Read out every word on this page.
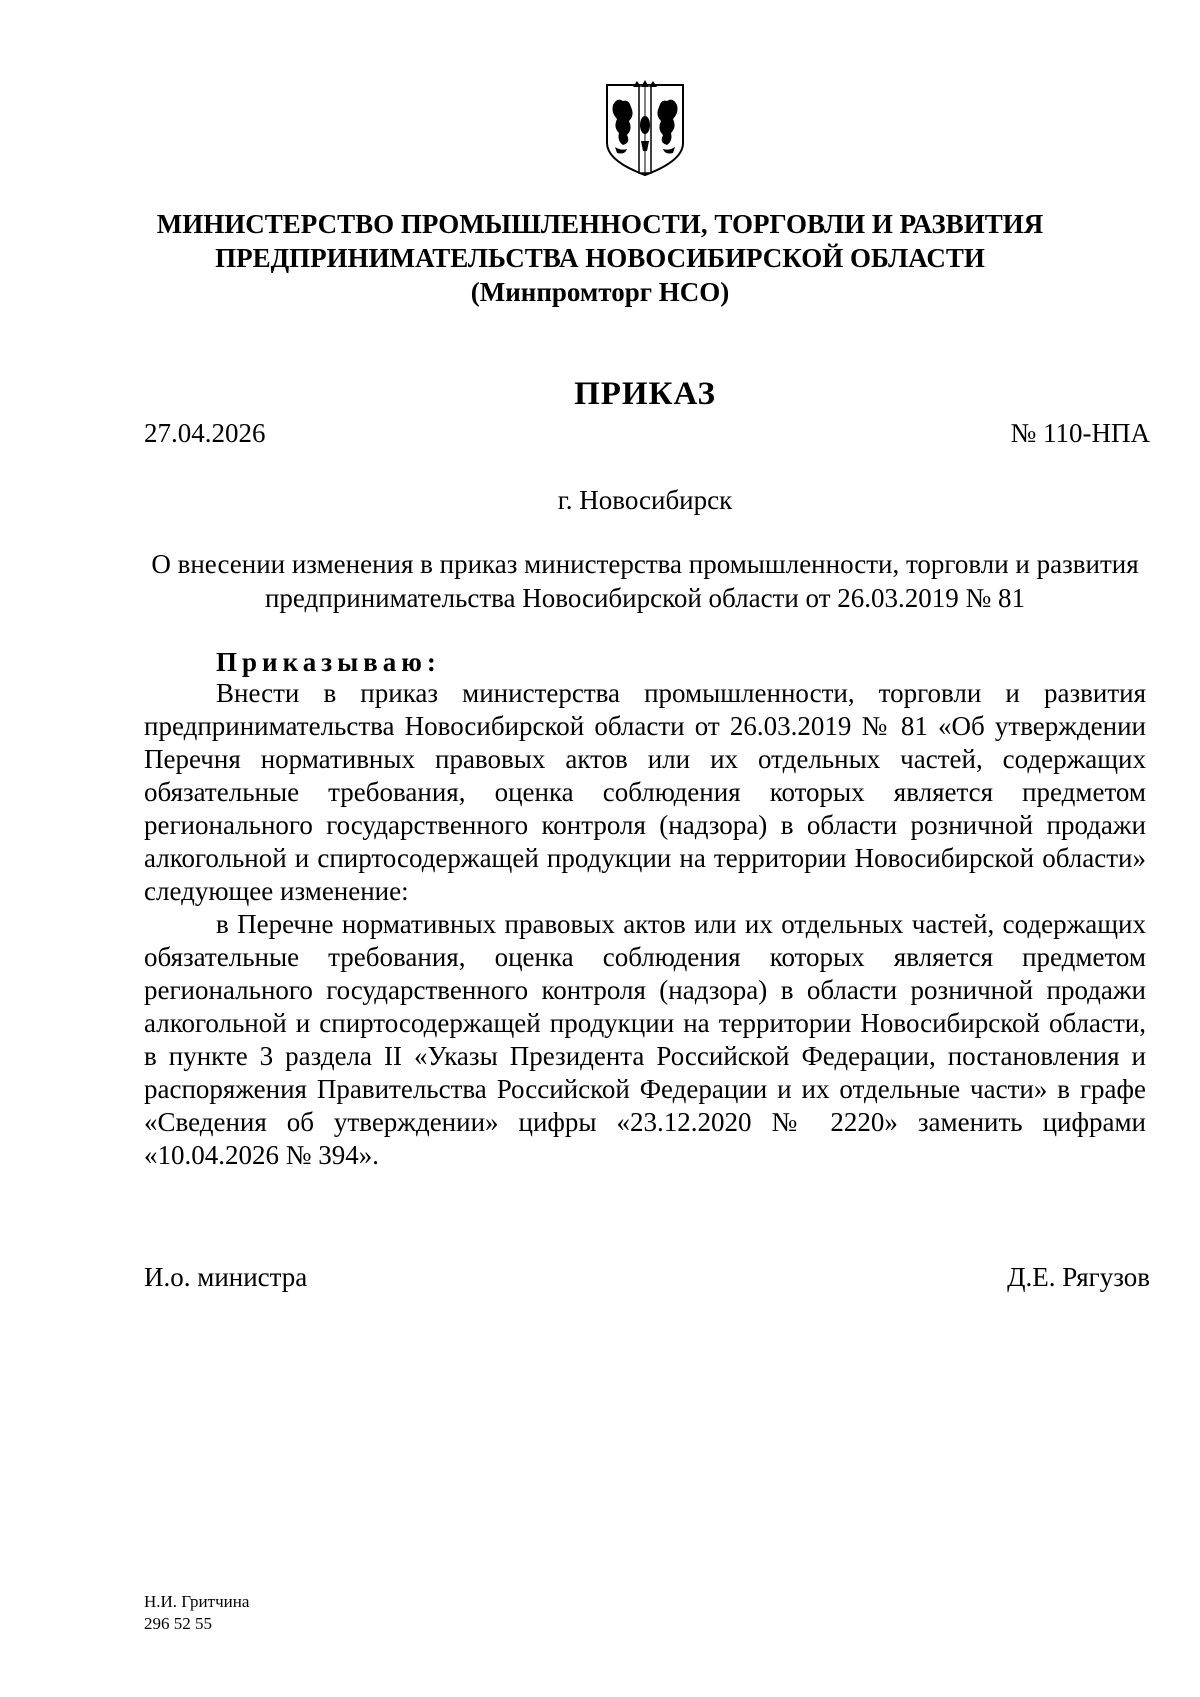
МИНИСТЕРСТВО ПРОМЫШЛЕННОСТИ, ТОРГОВЛИ И РАЗВИТИЯ
ПРЕДПРИНИМАТЕЛЬСТВА НОВОСИБИРСКОЙ ОБЛАСТИ
(Минпромторг НСО)
ПРИКАЗ
27.04.2026	№ 110-НПА
г. Новосибирск
О внесении изменения в приказ министерства промышленности, торговли и развития предпринимательства Новосибирской области от 26.03.2019 № 81
Приказываю:

Внести в приказ министерства промышленности, торговли и развития предпринимательства Новосибирской области от 26.03.2019 № 81 «Об утверждении Перечня нормативных правовых актов или их отдельных частей, содержащих обязательные требования, оценка соблюдения которых является предметом регионального государственного контроля (надзора) в области розничной продажи алкогольной и спиртосодержащей продукции на территории Новосибирской области» следующее изменение:

в Перечне нормативных правовых актов или их отдельных частей, содержащих обязательные требования, оценка соблюдения которых является предметом регионального государственного контроля (надзора) в области розничной продажи алкогольной и спиртосодержащей продукции на территории Новосибирской области, в пункте 3 раздела II «Указы Президента Российской Федерации, постановления и распоряжения Правительства Российской Федерации и их отдельные части» в графе «Сведения об утверждении» цифры «23.12.2020 № 2220» заменить цифрами «10.04.2026 № 394».

И.о. министра	Д.Е. Рягузов
Н.И. Гритчина
296 52 55
